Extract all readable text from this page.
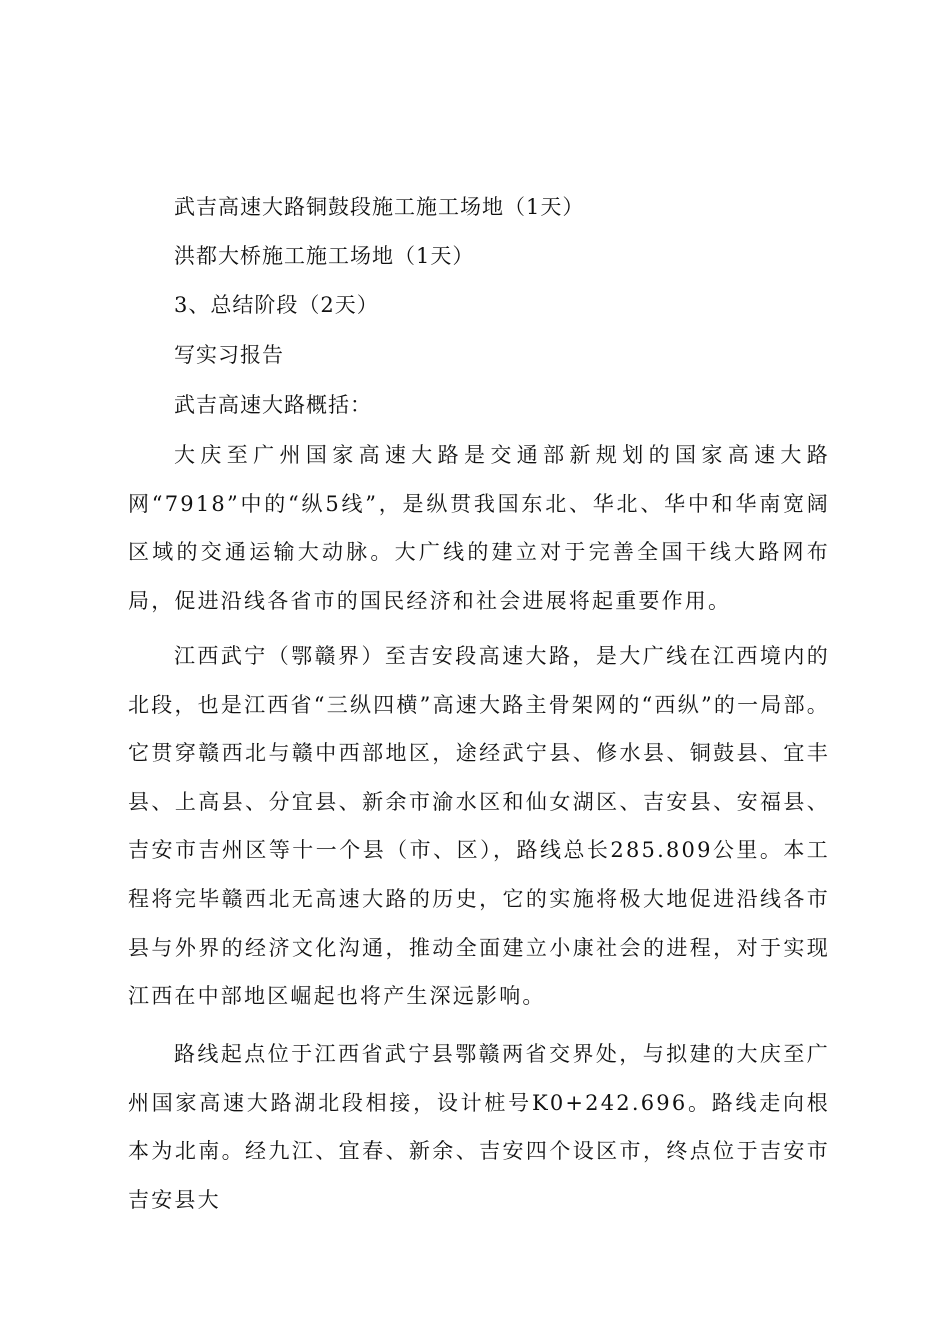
武吉高速大路铜鼓段施工施工场地（1天）
洪都大桥施工施工场地（1天）
3、总结阶段（2天）
写实习报告
武吉高速大路概括：
大庆至广州国家高速大路是交通部新规划的国家高速大路网“7918”中的“纵5线”，是纵贯我国东北、华北、华中和华南宽阔区域的交通运输大动脉。大广线的建立对于完善全国干线大路网布局，促进沿线各省市的国民经济和社会进展将起重要作用。
江西武宁（鄂赣界）至吉安段高速大路，是大广线在江西境内的北段，也是江西省“三纵四横”高速大路主骨架网的“西纵”的一局部。它贯穿赣西北与赣中西部地区，途经武宁县、修水县、铜鼓县、宜丰县、上高县、分宜县、新余市渝水区和仙女湖区、吉安县、安福县、吉安市吉州区等十一个县（市、区），路线总长285.809公里。本工程将完毕赣西北无高速大路的历史，它的实施将极大地促进沿线各市县与外界的经济文化沟通，推动全面建立小康社会的进程，对于实现江西在中部地区崛起也将产生深远影响。
路线起点位于江西省武宁县鄂赣两省交界处，与拟建的大庆至广州国家高速大路湖北段相接，设计桩号K0+242.696。路线走向根本为北南。经九江、宜春、新余、吉安四个设区市，终点位于吉安市吉安县大
